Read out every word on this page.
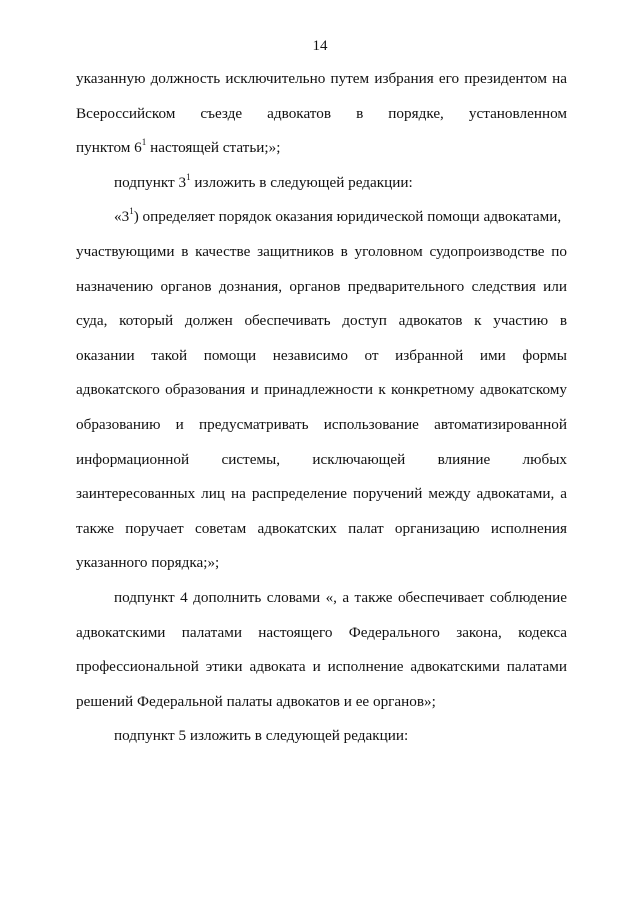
14
указанную должность исключительно путем избрания его президентом на
Всероссийском съезде адвокатов в порядке, установленном
пунктом $6^1$ настоящей статьи;»;
подпункт $3^1$ изложить в следующей редакции:
«$3^1$) определяет порядок оказания юридической помощи адвокатами,
участвующими в качестве защитников в уголовном судопроизводстве по
назначению органов дознания, органов предварительного следствия или
суда, который должен обеспечивать доступ адвокатов к участию в
оказании такой помощи независимо от избранной ими формы
адвокатского образования и принадлежности к конкретному адвокатскому
образованию и предусматривать использование автоматизированной
информационной системы, исключающей влияние любых
заинтересованных лиц на распределение поручений между адвокатами, а
также поручает советам адвокатских палат организацию исполнения
указанного порядка;»;
подпункт 4 дополнить словами «, а также обеспечивает соблюдение
адвокатскими палатами настоящего Федерального закона, кодекса
профессиональной этики адвоката и исполнение адвокатскими палатами
решений Федеральной палаты адвокатов и ее органов»;
подпункт 5 изложить в следующей редакции:
